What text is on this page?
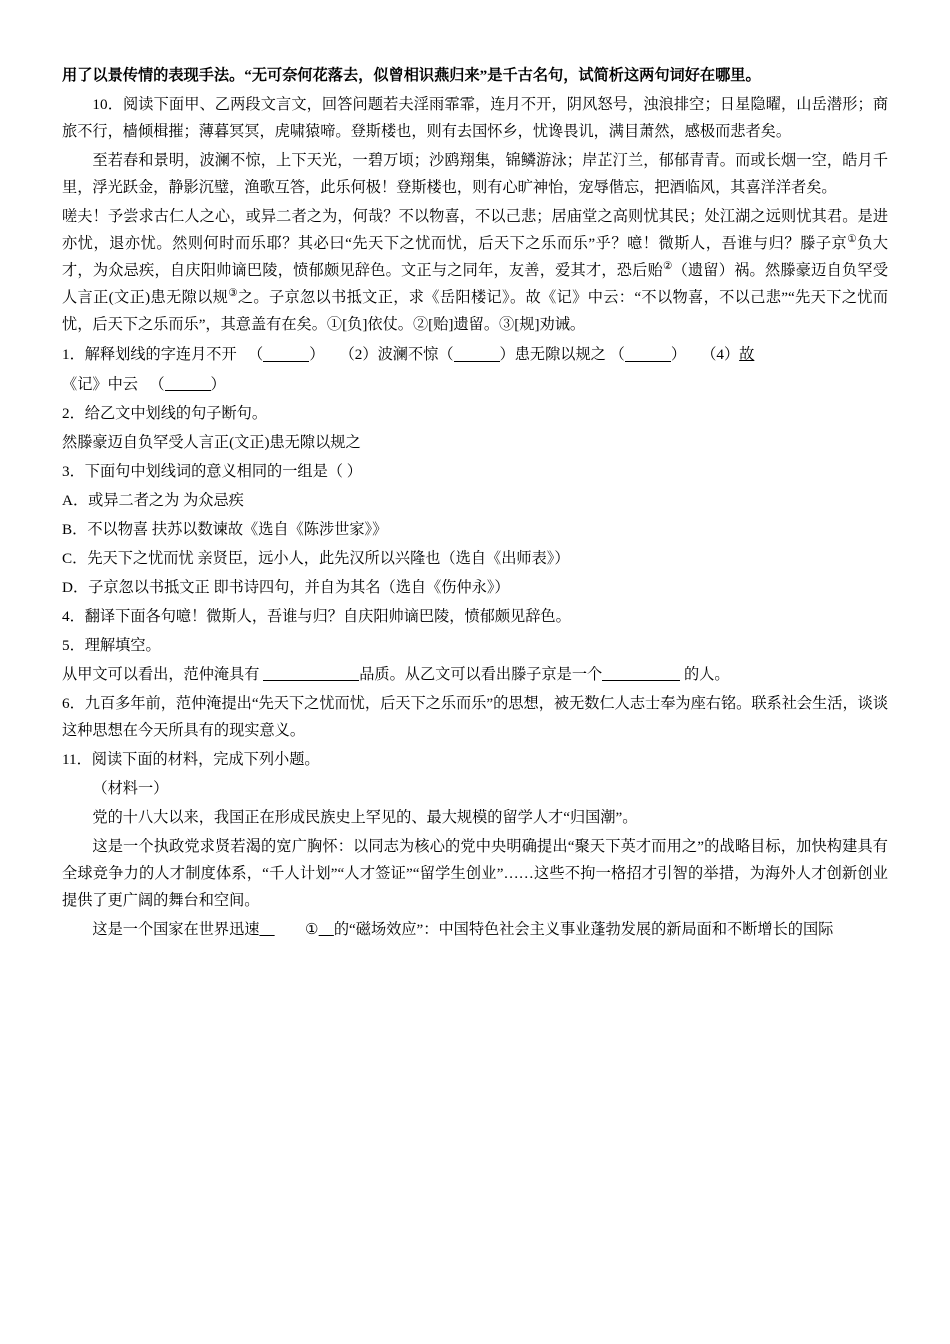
用了以景传情的表现手法。“无可奈何花落去，似曾相识燕归来”是千古名句，试简析这两句词好在哪里。

10．阅读下面甲、乙两段文言文，回答问题若夫淫雨霏霏，连月不开，阴风怒号，浊浪排空；日星隐曜，山岳潜形；商旅不行，樯倾楫摧；薄暮冥冥，虎啸猿啼。登斯楼也，则有去国怀乡，忧谗畏讥，满目萧然，感极而悲者矣。

至若春和景明，波澜不惊，上下天光，一碧万顷；沙鸥翔集，锦鳞游泳；岸芷汀兰，郁郁青青。而或长烟一空，皓月千里，浮光跃金，静影沉璧，渔歌互答，此乐何极！登斯楼也，则有心旷神怡，宠辱偕忘，把酒临风，其喜洋洋者矣。

嗟夫！予尝求古仁人之心，或异二者之为，何哉？不以物喜，不以己悲；居庙堂之高则忧其民；处江湖之远则忧其君。是进亦忧，退亦忧。然则何时而乐耶？其必曰“先天下之忧而忧，后天下之乐而乐”乎？噫！微斯人，吾谁与归？滕子京①负大才，为众忌疾，自庆阳帅谪巴陵，愤郁颇见辞色。文正与之同年，友善，爱其才，恐后贻②（遗留）祸。然滕豪迈自负罕受人言正(文正)患无隙以规③之。子京忽以书抵文正，求《岳阳楼记》。故《记》中云：“不以物喜，不以己悲”“先天下之忧而忧，后天下之乐而乐”，其意盖有在矣。①[负]依仗。②[贻]遗留。③[规]劝诫。

1．解释划线的字连月不开   （	）    （2）波澜不惊（	）患无隙以规之 （	）    （4）故

《记》中云   （	）

2．给乙文中划线的句子断句。

然滕豪迈自负罕受人言正(文正)患无隙以规之

3．下面句中划线词的意义相同的一组是（ ）

A．或异二者之为 为众忌疾

B．不以物喜 扶苏以数谏故《选自《陈涉世家》》

C．先天下之忧而忧 亲贤臣，远小人，此先汉所以兴隆也（选自《出师表》）

D．子京忽以书抵文正 即书诗四句，并自为其名（选自《伤仲永》）

4．翻译下面各句噫！微斯人，吾谁与归？自庆阳帅谪巴陵，愤郁颇见辞色。

5．理解填空。

从甲文可以看出，范仲淹具有	品质。从乙文可以看出滕子京是一个	的人。

6．九百多年前，范仲淹提出“先天下之忧而忧，后天下之乐而乐”的思想，被无数仁人志士奉为座右铭。联系社会生活，谈谈这种思想在今天所具有的现实意义。

11．阅读下面的材料，完成下列小题。

（材料一）

党的十八大以来，我国正在形成民族史上罕见的、最大规模的留学人才“归国潮”。

这是一个执政党求贤若渴的宽广胸怀：以同志为核心的党中央明确提出“聚天下英才而用之”的战略目标，加快构建具有全球竞争力的人才制度体系，“千人计划”“人才签证”“留学生创业”……这些不拘一格招才引智的举措，为海外人才创新创业提供了更广阔的舞台和空间。

这是一个国家在世界迅速	① 的“磁场效应”：中国特色社会主义事业蓬勃发展的新局面和不断增长的国际
